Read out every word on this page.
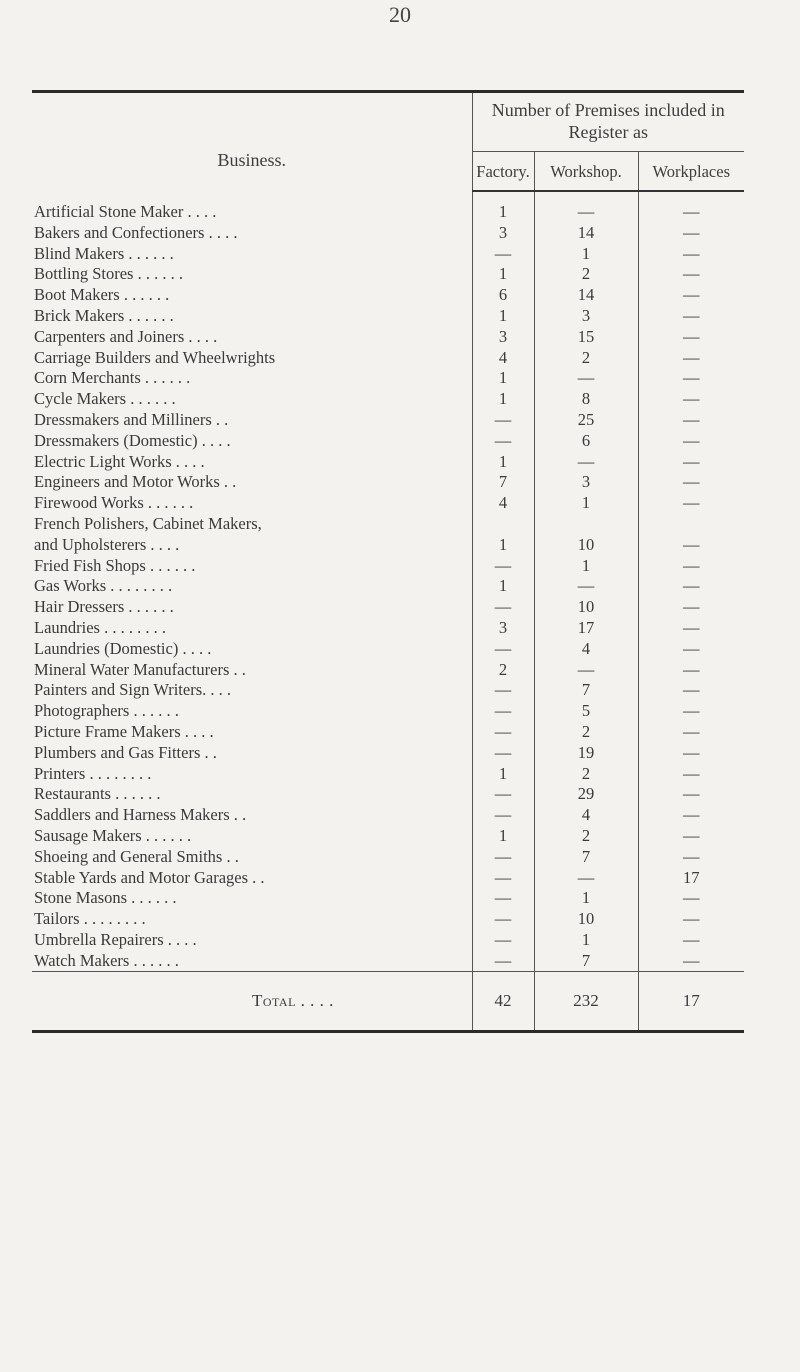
20
Business.	Number of Premises included in Register as		
	Factory.	Workshop.	Workplaces
Artificial Stone Maker . . . .	1	—	—
Bakers and Confectioners . . . .	3	14	—
Blind Makers . . . . . .	—	1	—
Bottling Stores . . . . . .	1	2	—
Boot Makers . . . . . .	6	14	—
Brick Makers . . . . . .	1	3	—
Carpenters and Joiners . . . .	3	15	—
Carriage Builders and Wheelwrights	4	2	—
Corn Merchants . . . . . .	1	—	—
Cycle Makers . . . . . .	1	8	—
Dressmakers and Milliners . .	—	25	—
Dressmakers (Domestic) . . . .	—	6	—
Electric Light Works . . . .	1	—	—
Engineers and Motor Works . .	7	3	—
Firewood Works . . . . . .	4	1	—
French Polishers, Cabinet Makers,			
and Upholsterers . . . .	1	10	—
Fried Fish Shops . . . . . .	—	1	—
Gas Works . . . . . . . .	1	—	—
Hair Dressers . . . . . .	—	10	—
Laundries . . . . . . . .	3	17	—
Laundries (Domestic) . . . .	—	4	—
Mineral Water Manufacturers . .	2	—	—
Painters and Sign Writers. . . .	—	7	—
Photographers . . . . . .	—	5	—
Picture Frame Makers . . . .	—	2	—
Plumbers and Gas Fitters . .	—	19	—
Printers . . . . . . . .	1	2	—
Restaurants . . . . . .	—	29	—
Saddlers and Harness Makers . .	—	4	—
Sausage Makers . . . . . .	1	2	—
Shoeing and General Smiths . .	—	7	—
Stable Yards and Motor Garages . .	—	—	17
Stone Masons . . . . . .	—	1	—
Tailors . . . . . . . .	—	10	—
Umbrella Repairers . . . .	—	1	—
Watch Makers . . . . . .	—	7	—
Total . . . .	42	232	17
